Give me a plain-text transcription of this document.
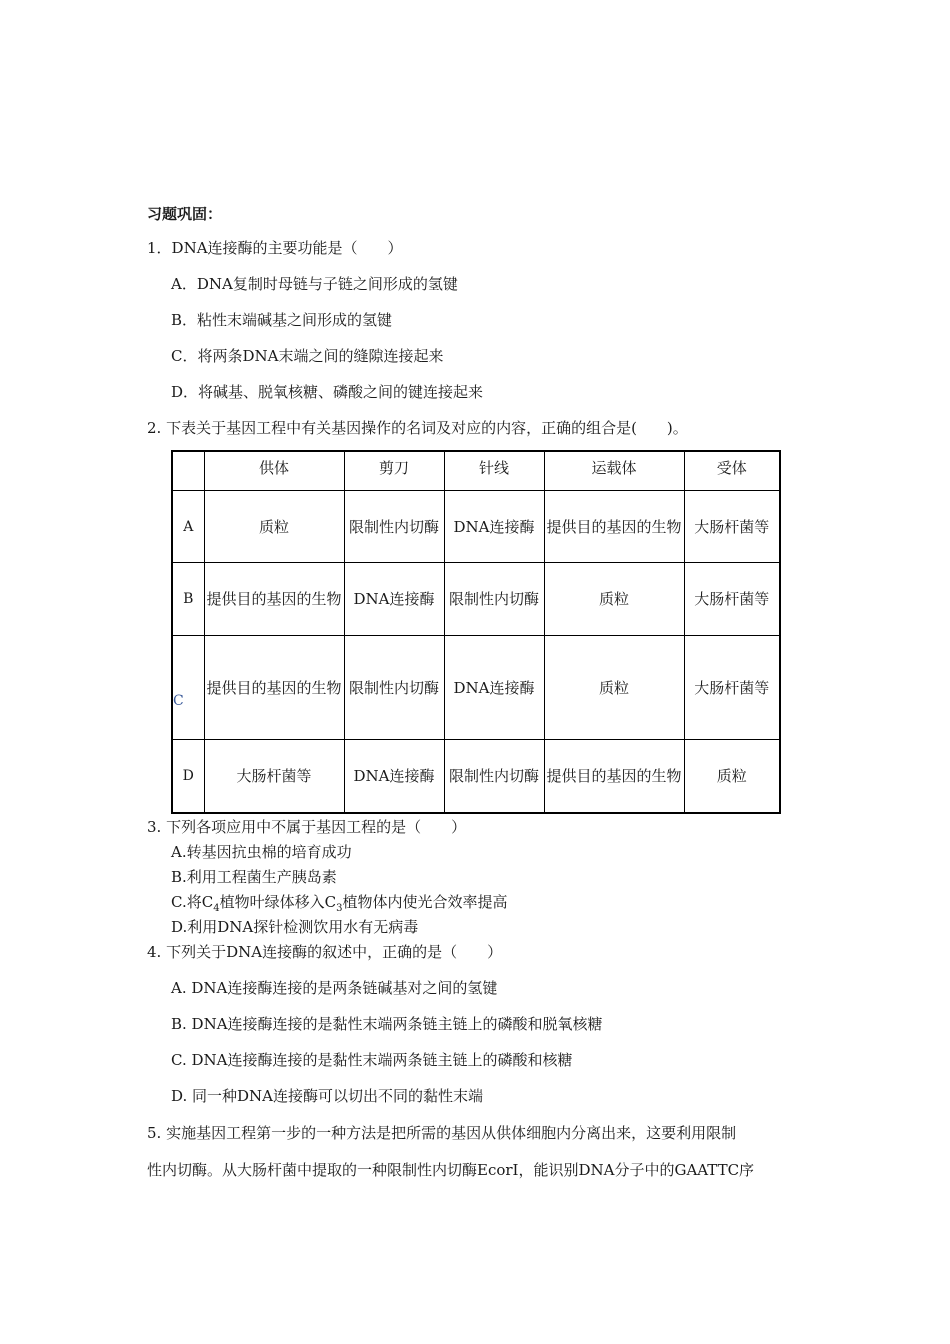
习题巩固：
1．DNA连接酶的主要功能是（　　）
A．DNA复制时母链与子链之间形成的氢键
B．粘性末端碱基之间形成的氢键
C．将两条DNA末端之间的缝隙连接起来
D．将碱基、脱氧核糖、磷酸之间的键连接起来
2. 下表关于基因工程中有关基因操作的名词及对应的内容，正确的组合是(　　)。
	供体	剪刀	针线	运载体	受体
A	质粒	限制性内切酶	DNA连接酶	提供目的基因的生物	大肠杆菌等
B	提供目的基因的生物	DNA连接酶	限制性内切酶	质粒	大肠杆菌等
C	提供目的基因的生物	限制性内切酶	DNA连接酶	质粒	大肠杆菌等
D	大肠杆菌等	DNA连接酶	限制性内切酶	提供目的基因的生物	质粒
3. 下列各项应用中不属于基因工程的是（　　）
A.转基因抗虫棉的培育成功
B.利用工程菌生产胰岛素
C.将$C_4$植物叶绿体移入$C_3$植物体内使光合效率提高
D.利用DNA探针检测饮用水有无病毒
4. 下列关于DNA连接酶的叙述中，正确的是（　　）
A. DNA连接酶连接的是两条链碱基对之间的氢键
B. DNA连接酶连接的是黏性末端两条链主链上的磷酸和脱氧核糖
C. DNA连接酶连接的是黏性末端两条链主链上的磷酸和核糖
D. 同一种DNA连接酶可以切出不同的黏性末端
5. 实施基因工程第一步的一种方法是把所需的基因从供体细胞内分离出来，这要利用限制
性内切酶。从大肠杆菌中提取的一种限制性内切酶EcorI，能识别DNA分子中的GAATTC序
